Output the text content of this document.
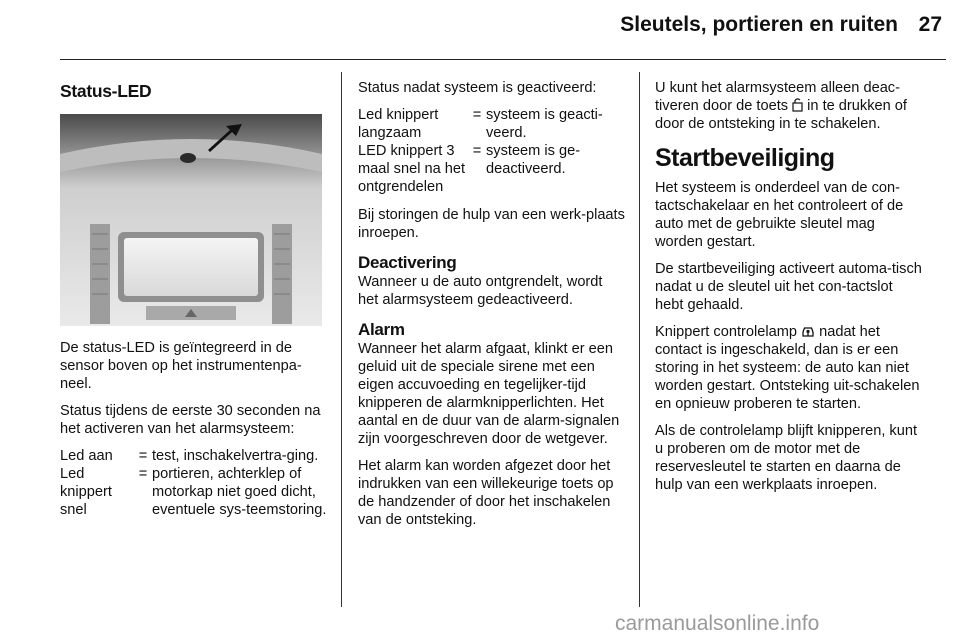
Sleutels, portieren en ruiten 27
Status-LED

De status-LED is geïntegreerd in de sensor boven op het instrumentenpa-neel.

Status tijdens de eerste 30 seconden na het activeren van het alarmsysteem:

Led aan	=	test, inschakelvertra-ging.
Led knippert snel	=	portieren, achterklep of motorkap niet goed dicht, eventuele sys-teemstoring.

Status nadat systeem is geactiveerd:

Led knippert langzaam	=	systeem is geacti-veerd.
LED knippert 3 maal snel na het ontgrendelen	=	systeem is ge-deactiveerd.

Bij storingen de hulp van een werk-plaats inroepen.

Deactivering

Wanneer u de auto ontgrendelt, wordt het alarmsysteem gedeactiveerd.

Alarm

Wanneer het alarm afgaat, klinkt er een geluid uit de speciale sirene met een eigen accuvoeding en tegelijker-tijd knipperen de alarmknipperlichten. Het aantal en de duur van de alarm-signalen zijn voorgeschreven door de wetgever.

Het alarm kan worden afgezet door het indrukken van een willekeurige toets op de handzender of door het inschakelen van de ontsteking.

U kunt het alarmsysteem alleen deac-tiveren door de toets in te drukken of door de ontsteking in te schakelen.

Startbeveiliging

Het systeem is onderdeel van de con-tactschakelaar en het controleert of de auto met de gebruikte sleutel mag worden gestart.

De startbeveiliging activeert automa-tisch nadat u de sleutel uit het con-tactslot hebt gehaald.

Knippert controlelamp nadat het contact is ingeschakeld, dan is er een storing in het systeem: de auto kan niet worden gestart. Ontsteking uit-schakelen en opnieuw proberen te starten.

Als de controlelamp blijft knipperen, kunt u proberen om de motor met de reservesleutel te starten en daarna de hulp van een werkplaats inroepen.

carmanualsonline.info
